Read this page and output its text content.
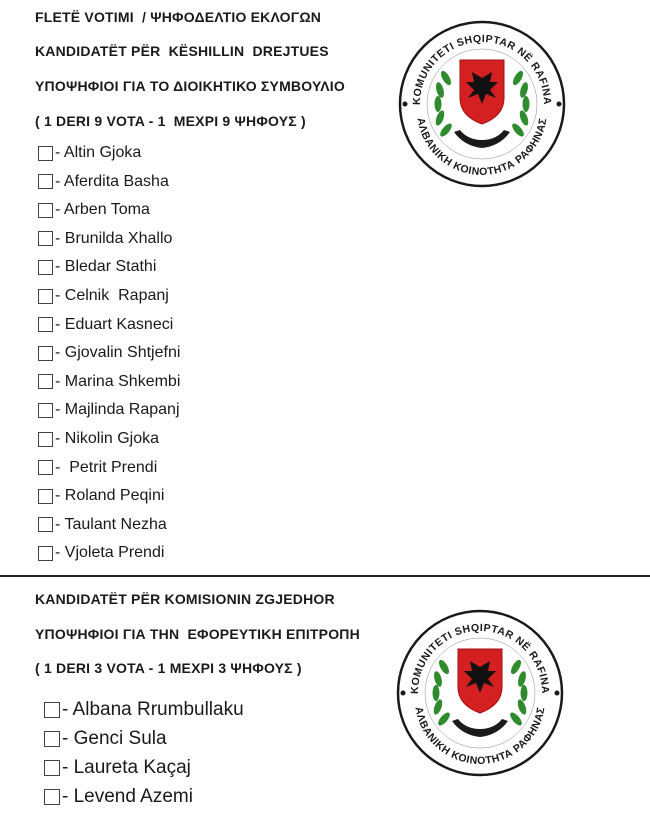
FLETË VOTIMI  / ΨΗΦΟΔΕΛΤΙΟ ΕΚΛΟΓΩΝ
KANDIDATËT PËR  KËSHILLIN  DREJTUES
ΥΠΟΨΗΦΙΟΙ ΓΙΑ ΤΟ ΔΙΟΙΚΗΤΙΚΟ ΣΥΜΒΟΥΛΙΟ
( 1 DERI 9 VOTA - 1  ΜΕΧΡΙ 9 ΨΗΦΟΥΣ )
- Altin Gjoka
- Aferdita Basha
- Arben Toma
- Brunilda Xhallo
- Bledar Stathi
- Celnik  Rapanj
- Eduart Kasneci
- Gjovalin Shtjefni
- Marina Shkembi
- Majlinda Rapanj
- Nikolin Gjoka
-  Petrit Prendi
- Roland Peqini
- Taulant Nezha
- Vjoleta Prendi
KANDIDATËT PËR KOMISIONIN ZGJEDHOR
ΥΠΟΨΗΦΙΟΙ ΓΙΑ ΤΗΝ  ΕΦΟΡΕΥΤΙΚΗ ΕΠΙΤΡΟΠΗ
( 1 DERI 3 VOTA - 1 ΜΕΧΡΙ 3 ΨΗΦΟΥΣ )
- Albana Rrumbullaku
- Genci Sula
- Laureta Kaçaj
- Levend Azemi
KOMUNITETI SHQIPTAR NË RAFINA
ΑΛΒΑΝΙΚΗ ΚΟΙΝΟΤΗΤΑ ΡΑΦΗΝΑΣ
KOMUNITETI SHQIPTAR NË RAFINA
ΑΛΒΑΝΙΚΗ ΚΟΙΝΟΤΗΤΑ ΡΑΦΗΝΑΣ
